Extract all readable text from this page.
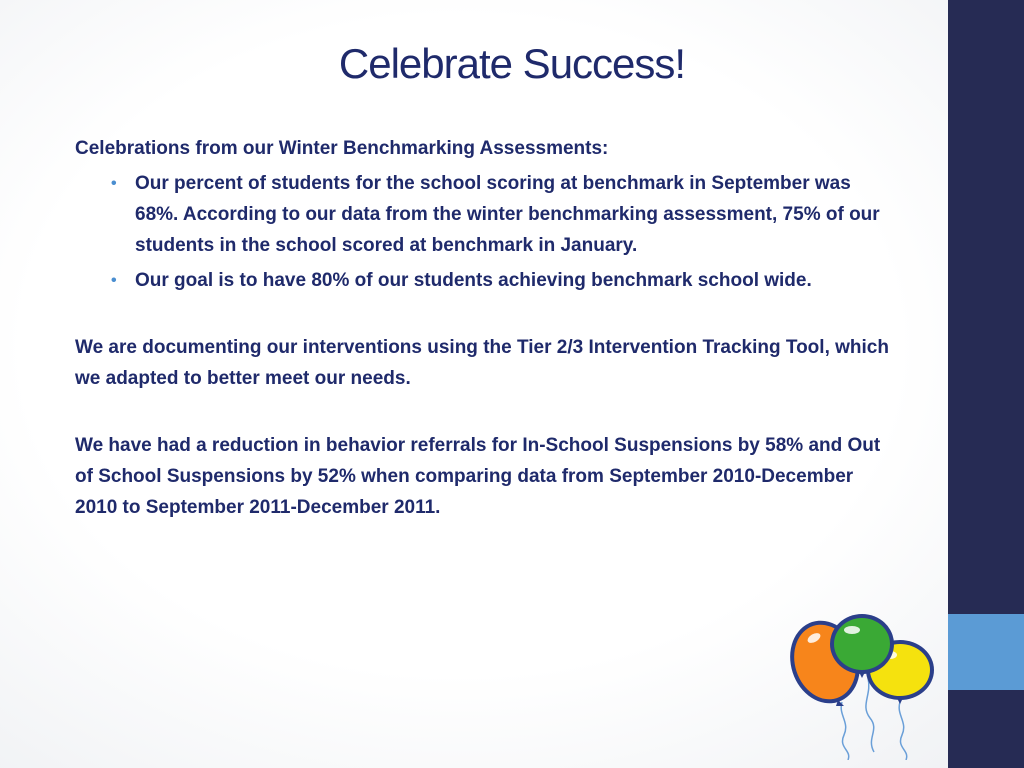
Celebrate Success!

Celebrations from our Winter Benchmarking Assessments:

• Our percent of students for the school scoring at benchmark in September was 68%. According to our data from the winter benchmarking assessment, 75% of our students in the school scored at benchmark in January.
• Our goal is to have 80% of our students achieving benchmark school wide.

We are documenting our interventions using the Tier 2/3 Intervention Tracking Tool, which we adapted to better meet our needs.

We have had a reduction in behavior referrals for In-School Suspensions by 58% and Out of School Suspensions by 52% when comparing data from September 2010-December 2010 to September 2011-December 2011.
